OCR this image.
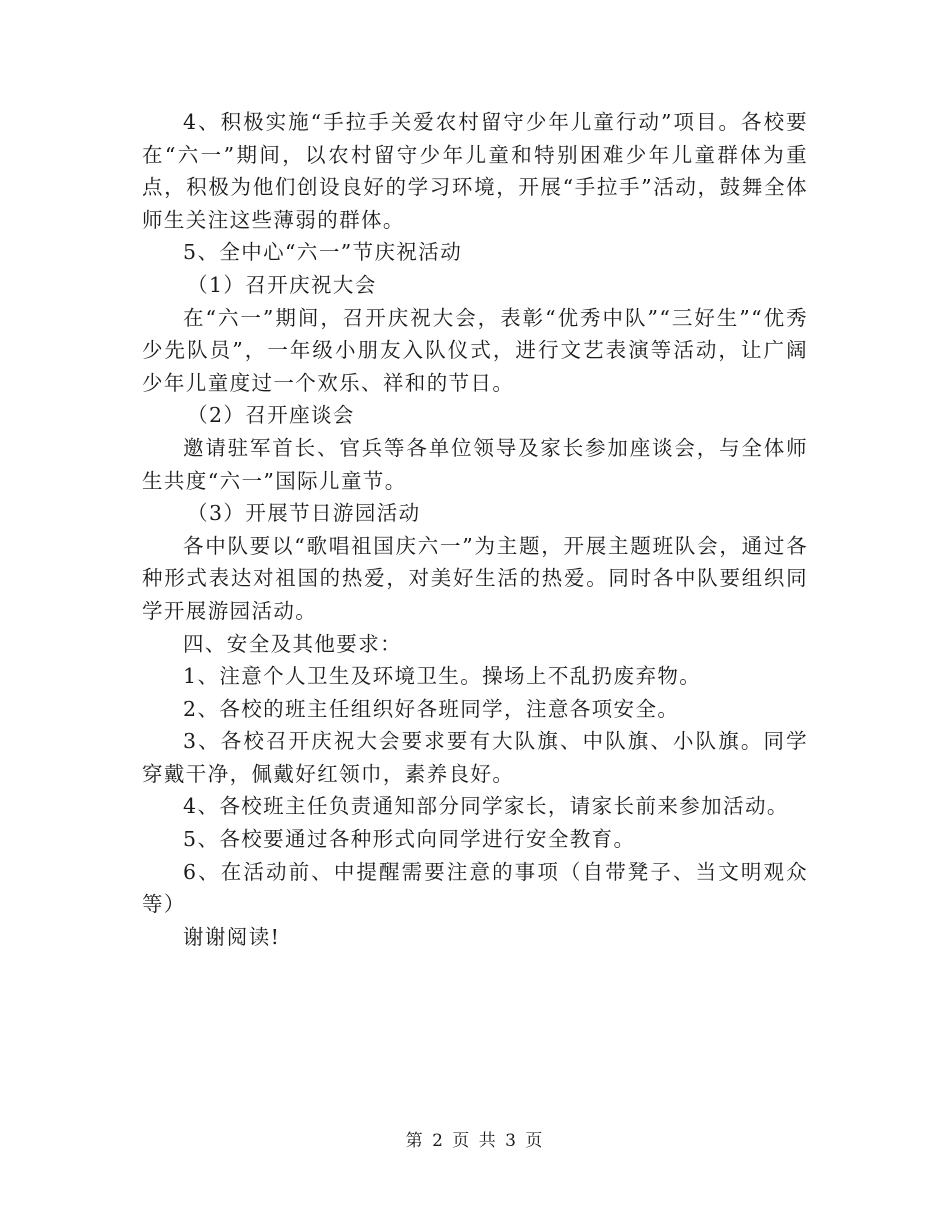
4、积极实施“手拉手关爱农村留守少年儿童行动”项目。各校要在“六一”期间，以农村留守少年儿童和特别困难少年儿童群体为重点，积极为他们创设良好的学习环境，开展“手拉手”活动，鼓舞全体师生关注这些薄弱的群体。

5、全中心“六一”节庆祝活动

（1）召开庆祝大会

在“六一”期间，召开庆祝大会，表彰“优秀中队”“三好生”“优秀少先队员”，一年级小朋友入队仪式，进行文艺表演等活动，让广阔少年儿童度过一个欢乐、祥和的节日。

（2）召开座谈会

邀请驻军首长、官兵等各单位领导及家长参加座谈会，与全体师生共度“六一”国际儿童节。

（3）开展节日游园活动

各中队要以“歌唱祖国庆六一”为主题，开展主题班队会，通过各种形式表达对祖国的热爱，对美好生活的热爱。同时各中队要组织同学开展游园活动。

四、安全及其他要求：

1、注意个人卫生及环境卫生。操场上不乱扔废弃物。

2、各校的班主任组织好各班同学，注意各项安全。

3、各校召开庆祝大会要求要有大队旗、中队旗、小队旗。同学穿戴干净，佩戴好红领巾，素养良好。

4、各校班主任负责通知部分同学家长，请家长前来参加活动。

5、各校要通过各种形式向同学进行安全教育。

6、在活动前、中提醒需要注意的事项（自带凳子、当文明观众等）

谢谢阅读!

第 2 页 共 3 页
